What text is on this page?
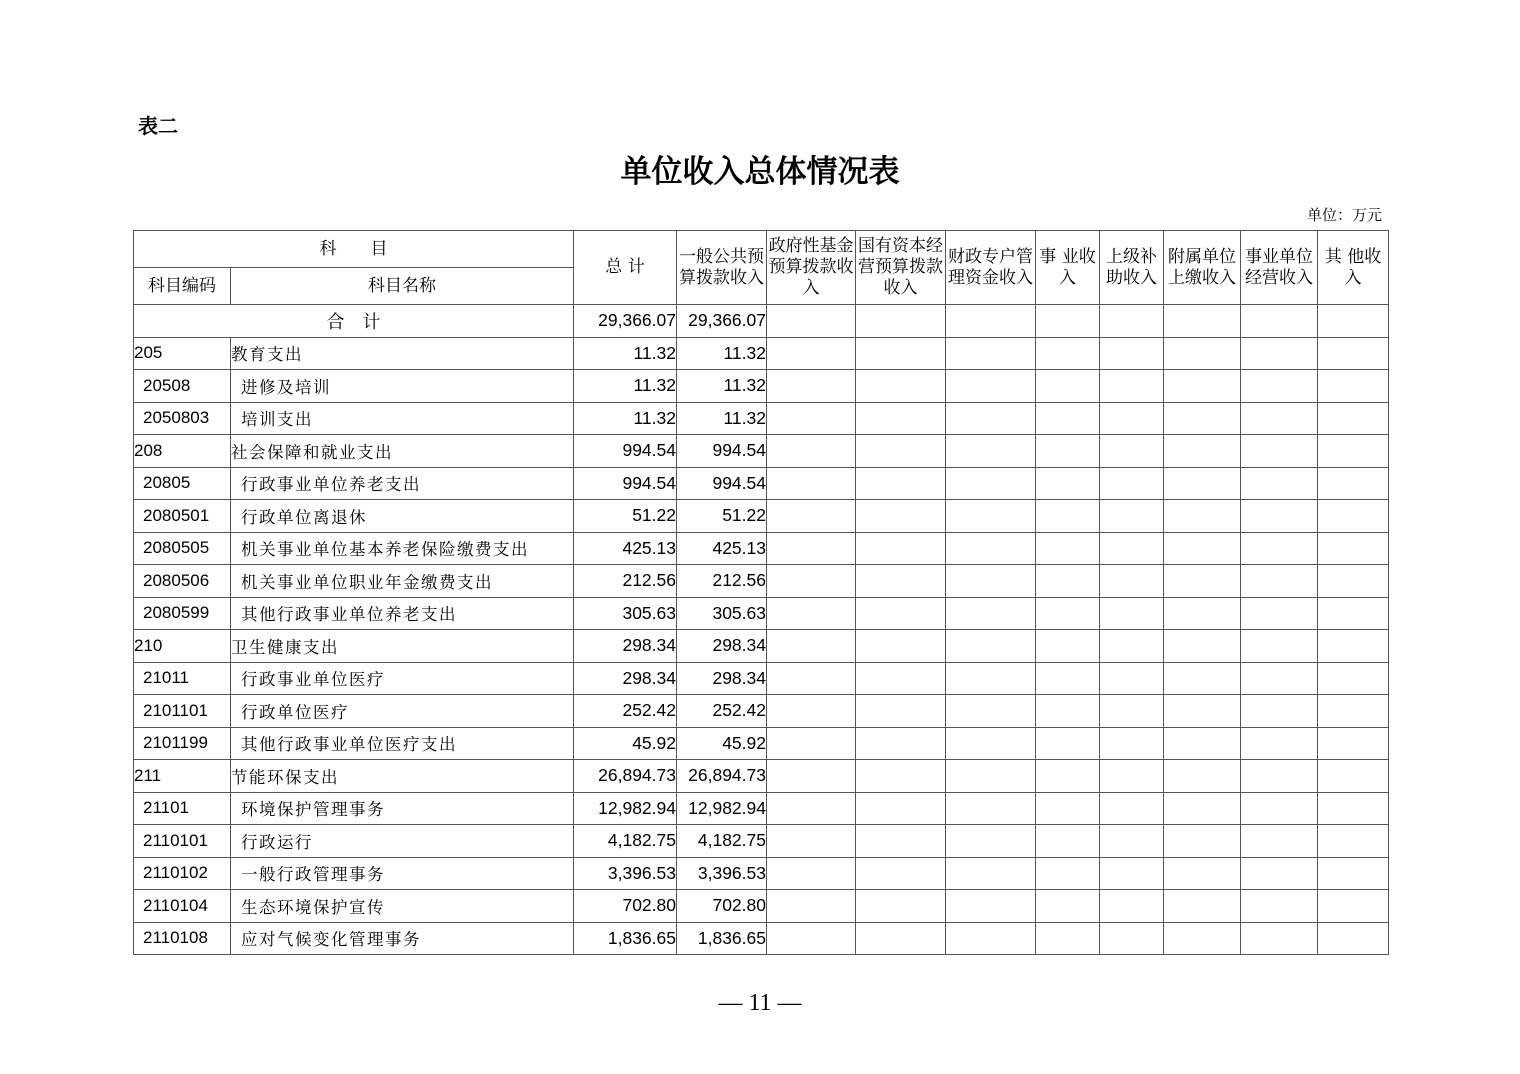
表二
单位收入总体情况表
单位：万元
科　　目		总 计	一般公共预算拨款收入	政府性基金预算拨款收入	国有资本经营预算拨款收入	财政专户管理资金收入	事 业收 入	上级补助收入	附属单位上缴收入	事业单位经营收入	其 他收 入
科目编码	科目名称										
合　计		29,366.07	29,366.07								
205	教育支出	11.32	11.32								
20508	进修及培训	11.32	11.32								
2050803	培训支出	11.32	11.32								
208	社会保障和就业支出	994.54	994.54								
20805	行政事业单位养老支出	994.54	994.54								
2080501	行政单位离退休	51.22	51.22								
2080505	机关事业单位基本养老保险缴费支出	425.13	425.13								
2080506	机关事业单位职业年金缴费支出	212.56	212.56								
2080599	其他行政事业单位养老支出	305.63	305.63								
210	卫生健康支出	298.34	298.34								
21011	行政事业单位医疗	298.34	298.34								
2101101	行政单位医疗	252.42	252.42								
2101199	其他行政事业单位医疗支出	45.92	45.92								
211	节能环保支出	26,894.73	26,894.73								
21101	环境保护管理事务	12,982.94	12,982.94								
2110101	行政运行	4,182.75	4,182.75								
2110102	一般行政管理事务	3,396.53	3,396.53								
2110104	生态环境保护宣传	702.80	702.80								
2110108	应对气候变化管理事务	1,836.65	1,836.65								
— 11 —
